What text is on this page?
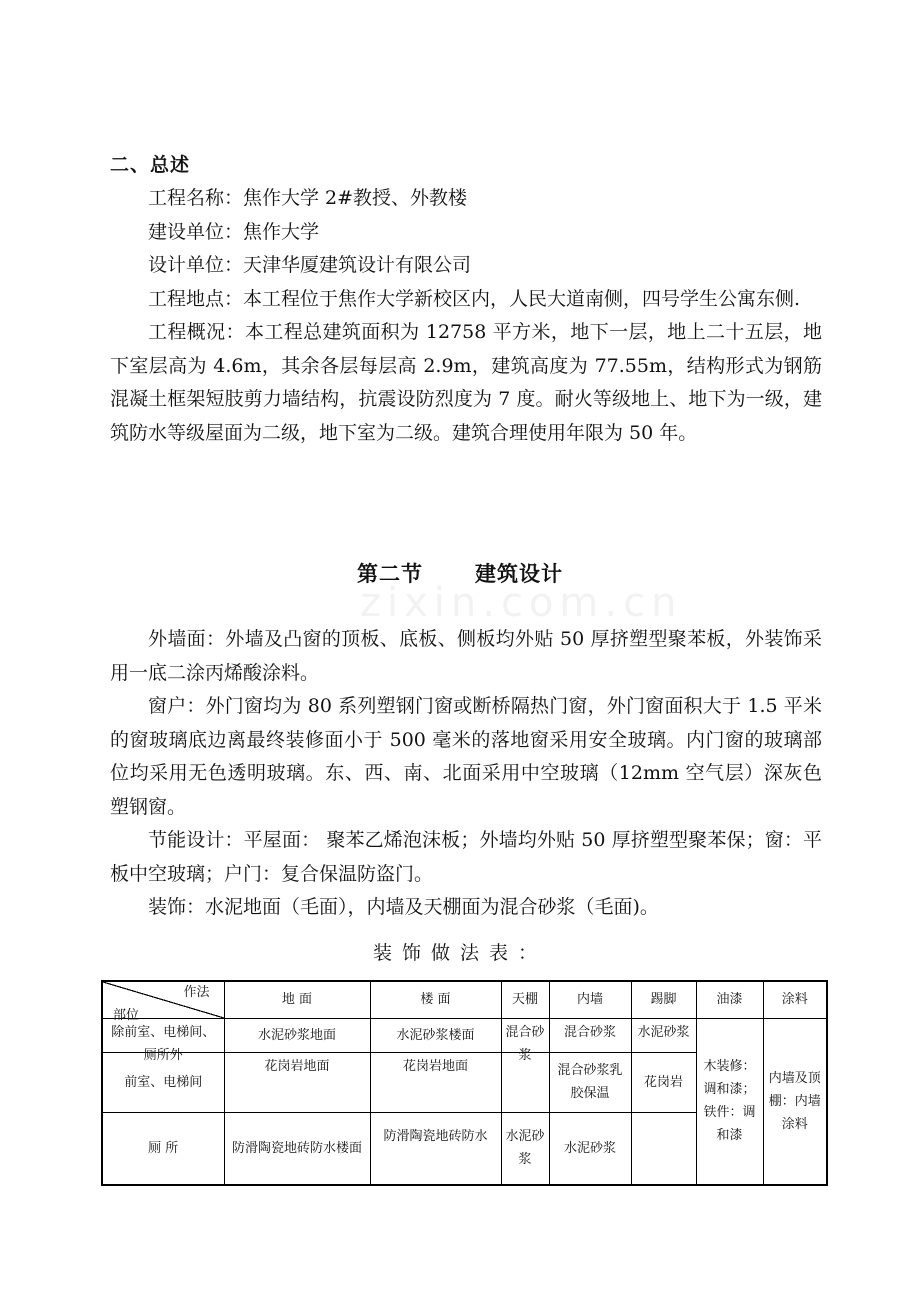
二、总述

工程名称：焦作大学 2#教授、外教楼

建设单位：焦作大学

设计单位：天津华厦建筑设计有限公司

工程地点：本工程位于焦作大学新校区内，人民大道南侧，四号学生公寓东侧.

工程概况：本工程总建筑面积为 12758 平方米，地下一层，地上二十五层，地下室层高为 4.6m，其余各层每层高 2.9m，建筑高度为 77.55m，结构形式为钢筋混凝土框架短肢剪力墙结构，抗震设防烈度为 7 度。耐火等级地上、地下为一级，建筑防水等级屋面为二级，地下室为二级。建筑合理使用年限为 50 年。

第二节 建筑设计
zixin.com.cn

外墙面：外墙及凸窗的顶板、底板、侧板均外贴 50 厚挤塑型聚苯板，外装饰采用一底二涂丙烯酸涂料。

窗户：外门窗均为 80 系列塑钢门窗或断桥隔热门窗，外门窗面积大于 1.5 平米的窗玻璃底边离最终装修面小于 500 毫米的落地窗采用安全玻璃。内门窗的玻璃部位均采用无色透明玻璃。东、西、南、北面采用中空玻璃（12mm 空气层）深灰色塑钢窗。

节能设计：平屋面： 聚苯乙烯泡沫板；外墙均外贴 50 厚挤塑型聚苯保；窗：平板中空玻璃；户门：复合保温防盗门。

装饰：水泥地面（毛面），内墙及天棚面为混合砂浆（毛面)。

装饰做法表：
作法
部位	地 面	楼 面	天棚	内墙	踢脚	油漆	涂料

除前室、电梯间、厕所外	水泥砂浆地面	水泥砂浆楼面	混合砂浆	混合砂浆	水泥砂浆	木装修：调和漆；铁件：调和漆	内墙及顶棚：内墙涂料
前室、电梯间	花岗岩地面	花岗岩地面		混合砂浆乳胶保温	花岗岩		
厕 所	防滑陶瓷地砖防水楼面	防滑陶瓷地砖防水	水泥砂浆	水泥砂浆			
